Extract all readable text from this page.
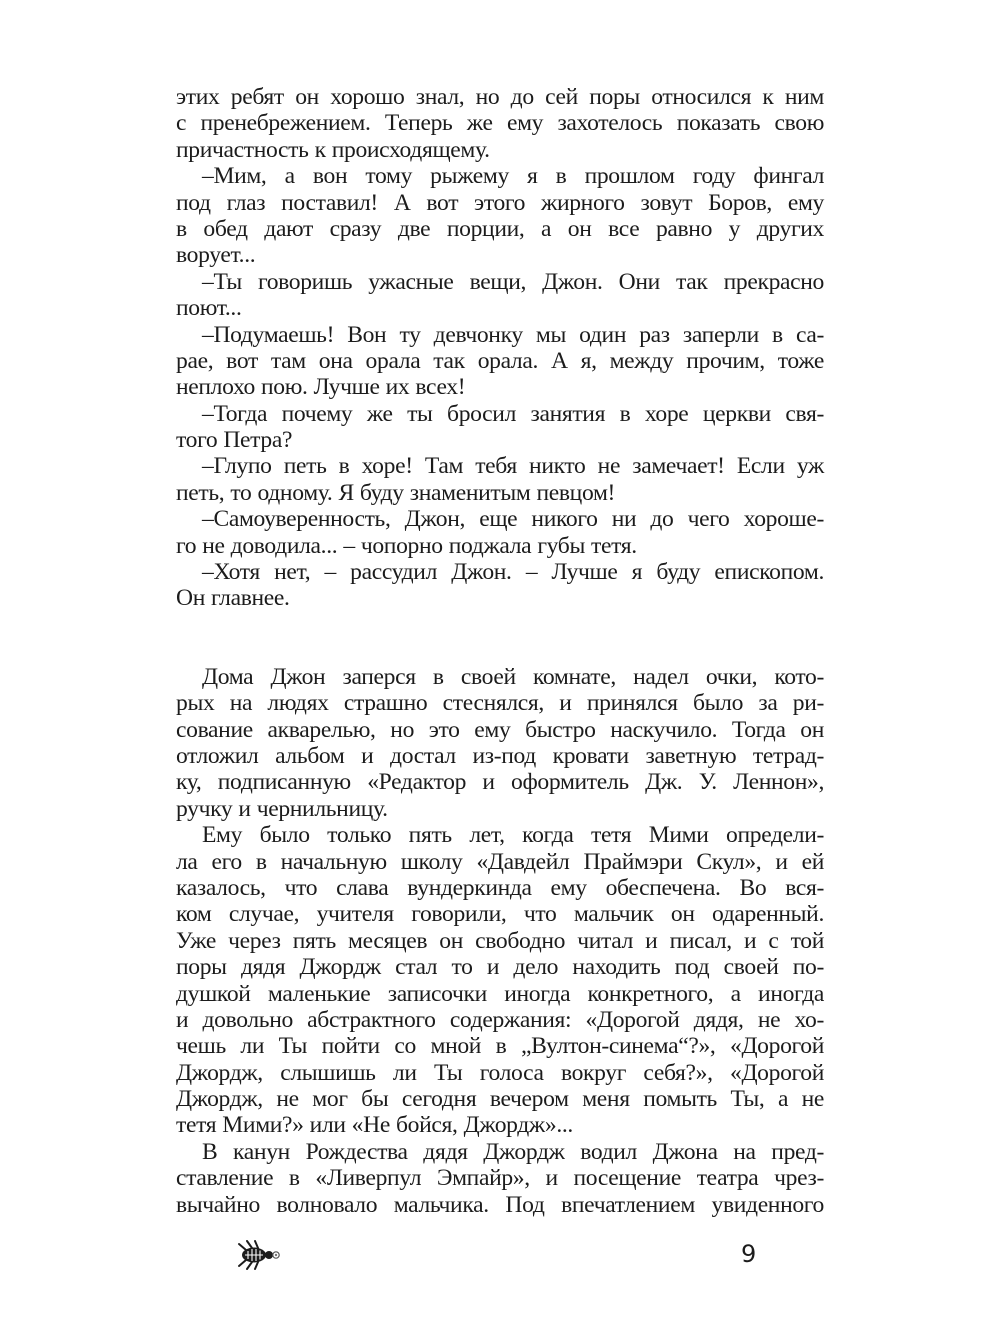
этих ребят он хорошо знал, но до сей поры относился к ним
с пренебрежением. Теперь же ему захотелось показать свою
причастность к происходящему.
–Мим, а вон тому рыжему я в прошлом году фингал
под глаз поставил! А вот этого жирного зовут Боров, ему
в обед дают сразу две порции, а он все равно у других
ворует...
–Ты говоришь ужасные вещи, Джон. Они так прекрасно
поют...
–Подумаешь! Вон ту девчонку мы один раз заперли в са-
рае, вот там она орала так орала. А я, между прочим, тоже
неплохо пою. Лучше их всех!
–Тогда почему же ты бросил занятия в хоре церкви свя-
того Петра?
–Глупо петь в хоре! Там тебя никто не замечает! Если уж
петь, то одному. Я буду знаменитым певцом!
–Самоуверенность, Джон, еще никого ни до чего хороше-
го не доводила... – чопорно поджала губы тетя.
–Хотя нет, – рассудил Джон. – Лучше я буду епископом.
Он главнее.
Дома Джон заперся в своей комнате, надел очки, кото-
рых на людях страшно стеснялся, и принялся было за ри-
сование акварелью, но это ему быстро наскучило. Тогда он
отложил альбом и достал из-под кровати заветную тетрад-
ку, подписанную «Редактор и оформитель Дж. У. Леннон»,
ручку и чернильницу.
Ему было только пять лет, когда тетя Мими определи-
ла его в начальную школу «Давдейл Праймэри Скул», и ей
казалось, что слава вундеркинда ему обеспечена. Во вся-
ком случае, учителя говорили, что мальчик он одаренный.
Уже через пять месяцев он свободно читал и писал, и с той
поры дядя Джордж стал то и дело находить под своей по-
душкой маленькие записочки иногда конкретного, а иногда
и довольно абстрактного содержания: «Дорогой дядя, не хо-
чешь ли Ты пойти со мной в „Вултон-синема“?», «Дорогой
Джордж, слышишь ли Ты голоса вокруг себя?», «Дорогой
Джордж, не мог бы сегодня вечером меня помыть Ты, а не
тетя Мими?» или «Не бойся, Джордж»...
В канун Рождества дядя Джордж водил Джона на пред-
ставление в «Ливерпул Эмпайр», и посещение театра чрез-
вычайно волновало мальчика. Под впечатлением увиденного
9
